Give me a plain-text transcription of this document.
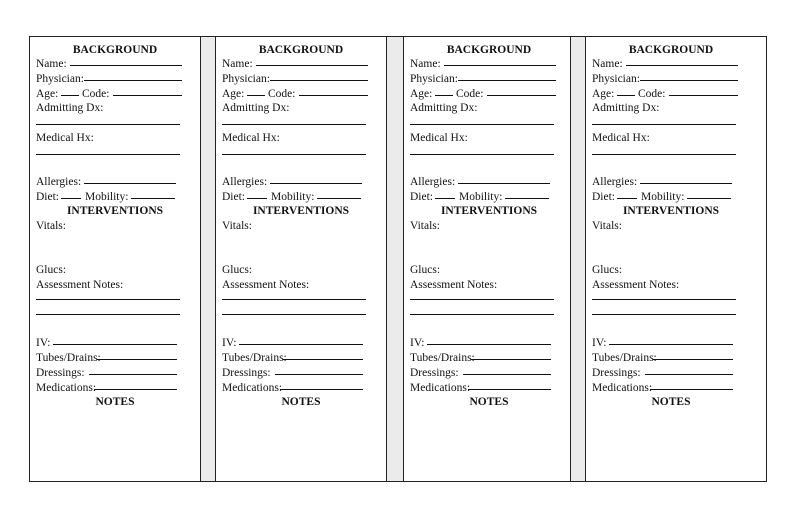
BACKGROUND
Name:
Physician:
Age: Code:
Admitting Dx:
Medical Hx:
Allergies:
Diet: Mobility:
INTERVENTIONS
Vitals:
Glucs:
Assessment Notes:
IV:
Tubes/Drains:
Dressings:
Medications:
NOTES
BACKGROUND
Name:
Physician:
Age: Code:
Admitting Dx:
Medical Hx:
Allergies:
Diet: Mobility:
INTERVENTIONS
Vitals:
Glucs:
Assessment Notes:
IV:
Tubes/Drains:
Dressings:
Medications:
NOTES
BACKGROUND
Name:
Physician:
Age: Code:
Admitting Dx:
Medical Hx:
Allergies:
Diet: Mobility:
INTERVENTIONS
Vitals:
Glucs:
Assessment Notes:
IV:
Tubes/Drains:
Dressings:
Medications:
NOTES
BACKGROUND
Name:
Physician:
Age: Code:
Admitting Dx:
Medical Hx:
Allergies:
Diet: Mobility:
INTERVENTIONS
Vitals:
Glucs:
Assessment Notes:
IV:
Tubes/Drains:
Dressings:
Medications:
NOTES
